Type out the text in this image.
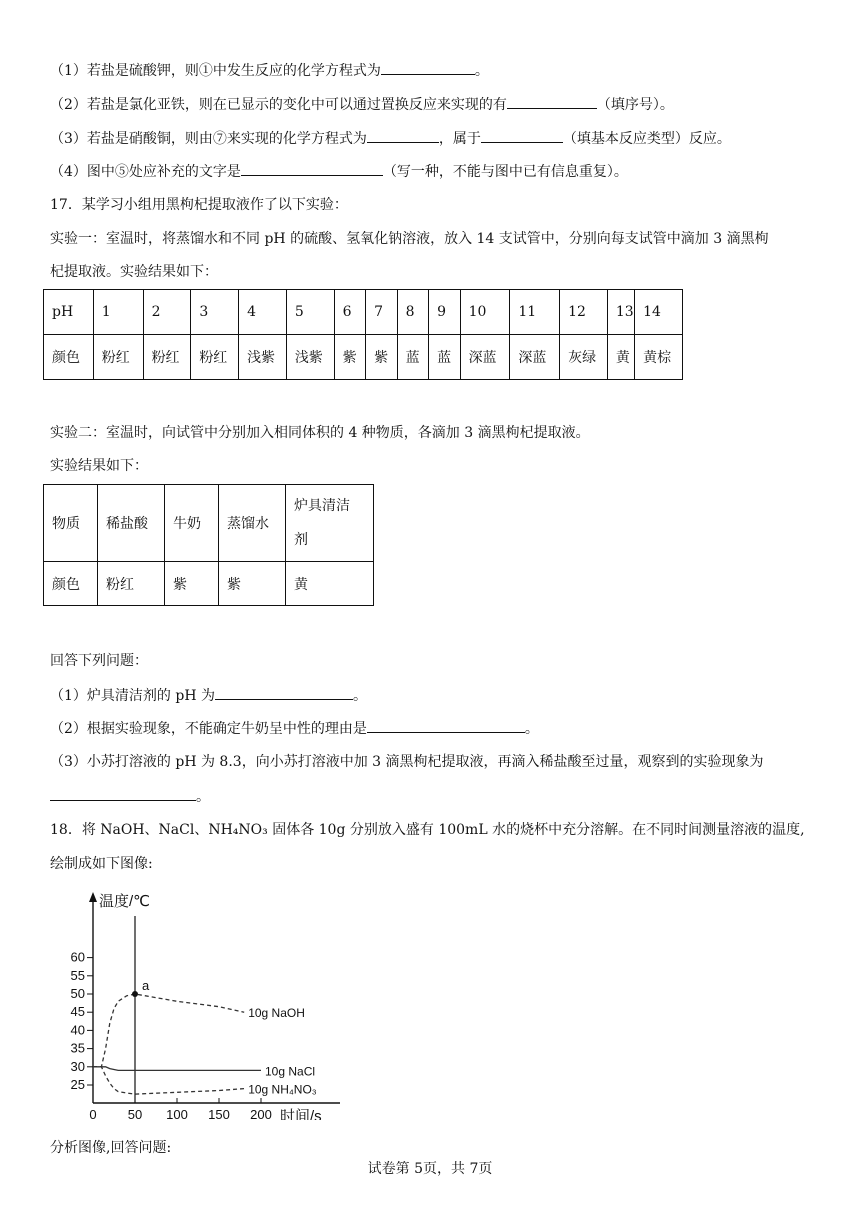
（1）若盐是硫酸钾，则①中发生反应的化学方程式为	。
（2）若盐是氯化亚铁，则在已显示的变化中可以通过置换反应来实现的有	（填序号）。
（3）若盐是硝酸铜，则由⑦来实现的化学方程式为	，属于	（填基本反应类型）反应。
（4）图中⑤处应补充的文字是	（写一种，不能与图中已有信息重复）。
17．某学习小组用黑枸杞提取液作了以下实验：
实验一：室温时，将蒸馏水和不同 pH 的硫酸、氢氧化钠溶液，放入 14 支试管中，分别向每支试管中滴加 3 滴黑枸
杞提取液。实验结果如下：
pH	1	2	3	4	5	6	7	8	9	10	11	12	13	14
颜色	粉红	粉红	粉红	浅紫	浅紫	紫	紫	蓝	蓝	深蓝	深蓝	灰绿	黄	黄棕
实验二：室温时，向试管中分别加入相同体积的 4 种物质，各滴加 3 滴黑枸杞提取液。
实验结果如下：
物质	稀盐酸	牛奶	蒸馏水	炉具清洁
剂

颜色	粉红	紫	紫	黄
回答下列问题：
（1）炉具清洁剂的 pH 为	。
（2）根据实验现象，不能确定牛奶呈中性的理由是	。
（3）小苏打溶液的 pH 为 8.3，向小苏打溶液中加 3 滴黑枸杞提取液，再滴入稀盐酸至过量，观察到的实验现象为
。
18．将 NaOH、NaCl、NH₄NO₃ 固体各 10g 分别放入盛有 100mL 水的烧杯中充分溶解。在不同时间测量溶液的温度,
绘制成如下图像:
25
30
35
40
45
50
55
60
0 50 100 150 200
温度/℃
时间/s
10g NaOH
10g NaCl
10g NH₄NO₃
a
分析图像,回答问题:
试卷第 5页，共 7页
